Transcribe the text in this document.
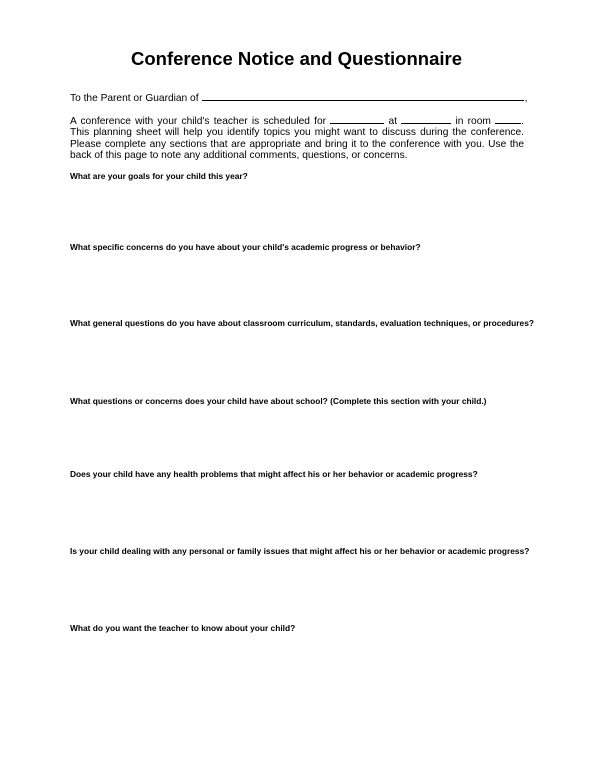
Conference Notice and Questionnaire
To the Parent or Guardian of	,
A conference with your child's teacher is scheduled for	at	in room	. This planning sheet will help you identify topics you might want to discuss during the conference. Please complete any sections that are appropriate and bring it to the conference with you. Use the back of this page to note any additional comments, questions, or concerns.
What are your goals for your child this year?
What specific concerns do you have about your child's academic progress or behavior?
What general questions do you have about classroom curriculum, standards, evaluation techniques, or procedures?
What questions or concerns does your child have about school? (Complete this section with your child.)
Does your child have any health problems that might affect his or her behavior or academic progress?
Is your child dealing with any personal or family issues that might affect his or her behavior or academic progress?
What do you want the teacher to know about your child?
